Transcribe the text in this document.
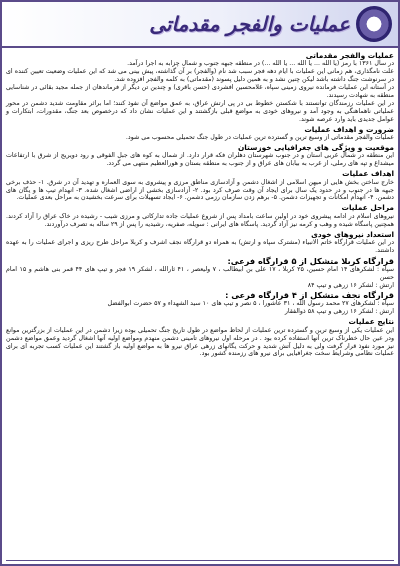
عملیات والفجر مقدماتی
عملیات والفجر مقدماتی
در سال ۱۳۶۱ با رمز (یا الله ... یا الله ... یا الله ...) در منطقه جبهه جنوب و شمال چزابه به اجرا درآمد.
علت نامگذاری، هم زمانی این عملیات با ایام دهه فجر سبب شد نام (والفجر) بر آن گذاشته، پیش بینی می شد که این عملیات وضعیت تعیین کننده ای در سرنوشت جنگ داشته باشد لیکن چنین نشد و به همین دلیل پسوند (مقدماتی) به کلمه والفجر افزوده شد.
در آستانه این عملیات فرمانده نیروی زمینی سپاه، غلامحسین افشردی (حسن باقری) و چندین تن دیگر از فرماندهان از جمله مجید بقائی در شناسایی منطقه به شهادت رسیدند.
در این عملیات رزمندگان توانستند با شکستن خطوط بی در پی ارتش عراق، به عمق مواضع آن نفوذ کنند؛ اما براثر مقاومت شدید دشمن در محور عملیاتی ناهماهنگی به وجود آمد و نیروهای خودی به مواضع قبلی بازگشتند و این عملیات نشان داد که درخصوص بعد جنگ، مقدورات، ابتکارات و عوامل جدیدی باید وارد عرصه شوند.
ضرورت و اهداف عملیات
عملیات والفجر مقدماتی از وسیع ترین و گسترده ترین عملیات در طول جنگ تحمیلی محسوب می شود.
موقعیت و ویژگی های جغرافیایی خوزستان
این منطقه در شمال غربی استان و در جنوب شهرستان دهلران فکه قرار دارد. از شمال به کوه های جبل الفوقی و رود دویریج از شرق با ارتفاعات میشداغ و تپه های رملی، از غرب به بیابان های عراق و از جنوب به منطقه بستان و هورالعظیم منتهی می گردد.
اهداف عملیات
خارج ساختن بخش هایی از میهن اسلامی از اشغال دشمن و آزادسازی مناطق مرزی و پیشروی به سوی العماره و تهدید آن در شرق. ۱- حذف برخی جبهه ها در جنوب و در حدود یک سال برای ایجاد آن وقت صرف کرد بود. ۲- آزادسازی بخشی از اراضی اشغال شده. ۳- انهدام تیپ ها و یگان های دشمن. ۴- انهدام امکانات و تجهیزات دشمن. ۵- برهم زدن سازمان رزمی دشمن. ۶- ایجاد تسهیلات برای سرعت بخشیدن به مراحل بعدی عملیات.
مراحل عملیات
نیروهای اسلام در ادامه پیشروی خود در اولین ساعت بامداد پس از شروع عملیات جاده تدارکاتی و مرزی شیب - رشیده در خاک عراق را آزاد کردند. همچنین پاسگاه شیده و وهب و کرمه نیز آزاد گردید. پاسگاه های ایرانی : سویله، صفریه، رشیدیه را پس از ۲۹ ساله به تصرف درآوردند.
استعداد نیروهای خودی
در این عملیات قرارگاه خاتم الانبیاء (مشترک سپاه و ارتش) به همراه دو قرارگاه نجف اشرف و کربلا مراحل طرح ریزی و اجرای عملیات را به عهده داشتند.
قرارگاه کربلا متشکل از ۵ قرارگاه فرعی:
سپاه : لشکرهای ۱۴ امام حسین، ۲۵ کربلا ، ۱۷ علی بن ابیطالب ، ۷ ولیعصر ، ۴۱ ثارالله ، لشکر ۱۹ فجر و تیپ های ۴۴ قمر بنی هاشم و ۱۵ امام حسن
ارتش : لشکر ۱۶ زرهی و تیپ ۸۴
قرارگاه نجف متشکل از ۴ قرارگاه فرعی :
سپاه : لشکرهای ۲۷ محمد رسول الله ، ۳۱ عاشورا ، ۵ نصر و تیپ های ۱۰ سید الشهداء و ۵۷ حضرت ابوالفضل
ارتش : لشکر ۱۶ زرهی و تیپ ۵۸ ذوالفقار
نتایج عملیات
این عملیات یکی از وسیع ترین و گسترده ترین عملیات از لحاظ مواضع در طول تاریخ جنگ تحمیلی بوده زیرا دشمن در این عملیات از بزرگترین موانع ودر عین حال خطرناک ترین آنها استفاده کرده بود . در مرحله اول نیروهای تامینی دشمن منهدم ومواضع اولیه آنها اشغال گردید وعمق مواضع دشمن نیز مورد نفوذ قرار گرفت ولی به دلیل آتش شدید و حرکت یگانهای زرهی عراق نیرو ها به مواضع اولیه باز گشتند این عملیات کسب تجربه ای برای عملیات نظامی وشرایط سخت جغرافیایی برای نیرو های رزمنده کشور بود.
